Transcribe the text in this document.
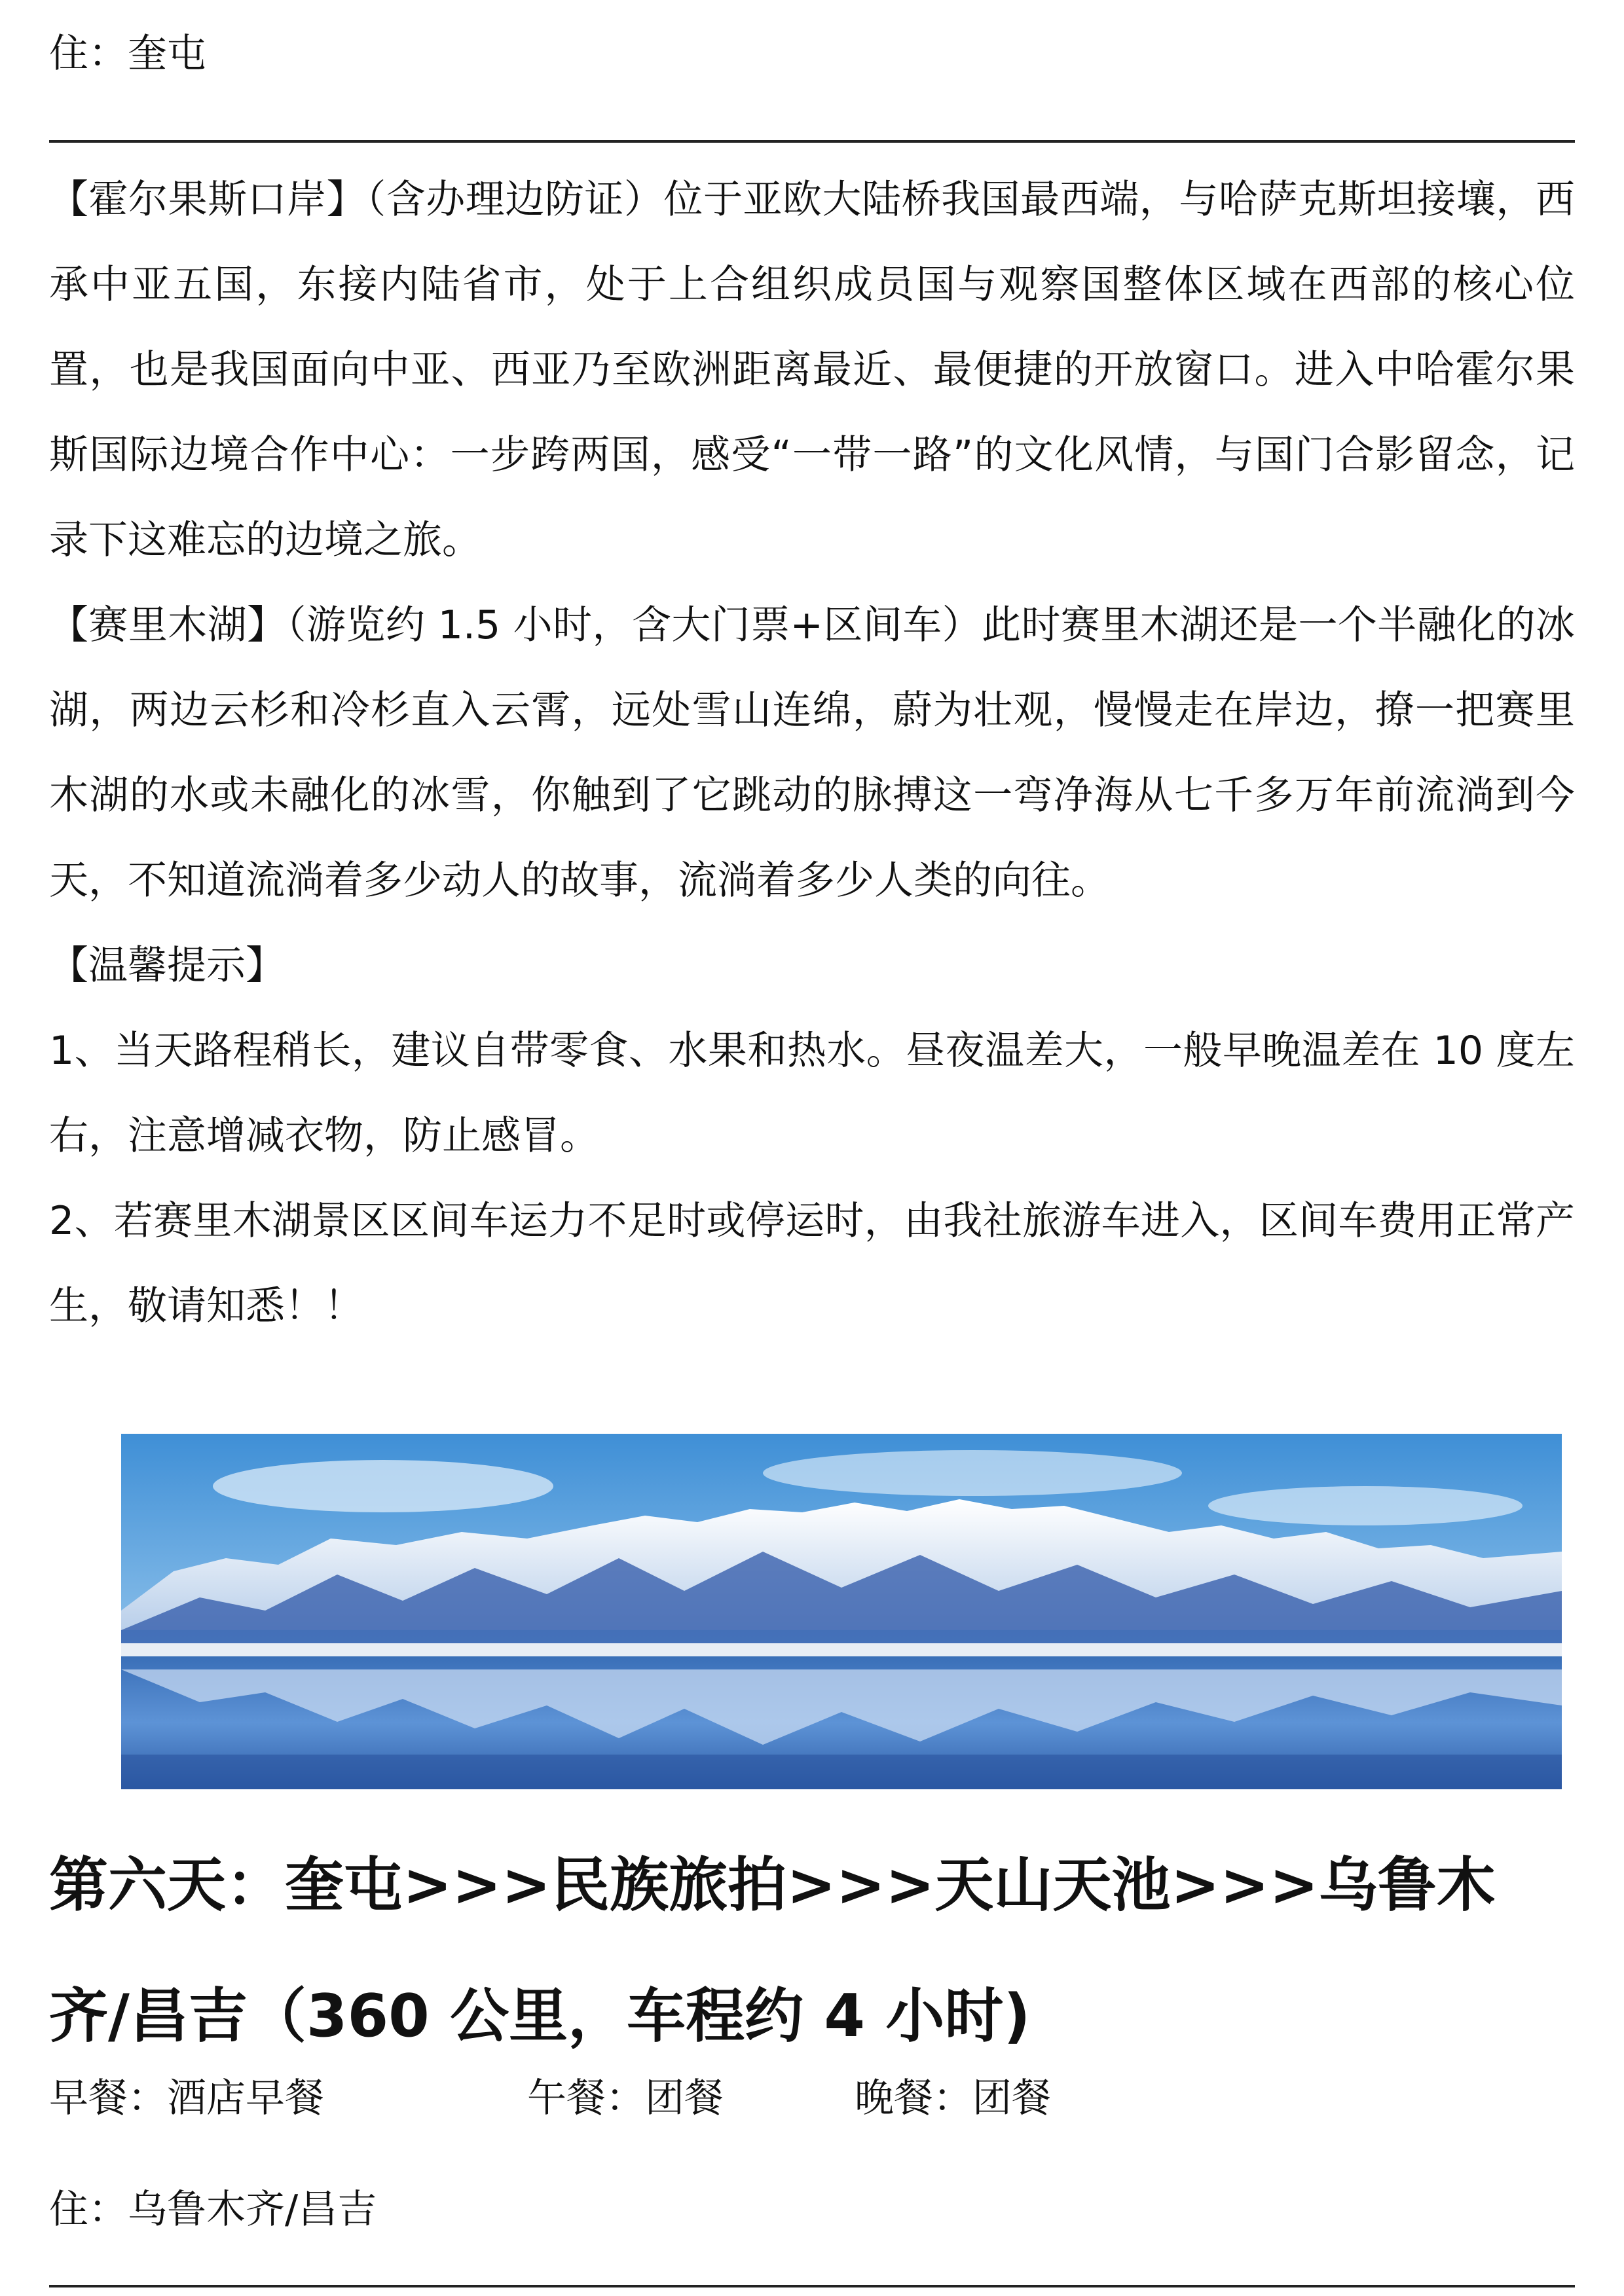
住：奎屯

【霍尔果斯口岸】（含办理边防证）位于亚欧大陆桥我国最西端，与哈萨克斯坦接壤，西承中亚五国，东接内陆省市，处于上合组织成员国与观察国整体区域在西部的核心位置，也是我国面向中亚、西亚乃至欧洲距离最近、最便捷的开放窗口。进入中哈霍尔果斯国际边境合作中心：一步跨两国，感受“一带一路”的文化风情，与国门合影留念，记录下这难忘的边境之旅。

【赛里木湖】（游览约 1.5 小时，含大门票+区间车）此时赛里木湖还是一个半融化的冰湖，两边云杉和冷杉直入云霄，远处雪山连绵，蔚为壮观，慢慢走在岸边，撩一把赛里木湖的水或未融化的冰雪，你触到了它跳动的脉搏这一弯净海从七千多万年前流淌到今天，不知道流淌着多少动人的故事，流淌着多少人类的向往。

【温馨提示】

1、当天路程稍长，建议自带零食、水果和热水。昼夜温差大，一般早晚温差在 10 度左右，注意增减衣物，防止感冒。

2、若赛里木湖景区区间车运力不足时或停运时，由我社旅游车进入，区间车费用正常产生，敬请知悉！！

第六天：奎屯>>>民族旅拍>>>天山天池>>>乌鲁木齐/昌吉（360 公里，车程约 4 小时)
早餐：酒店早餐	午餐：团餐	晚餐：团餐
住：乌鲁木齐/昌吉
